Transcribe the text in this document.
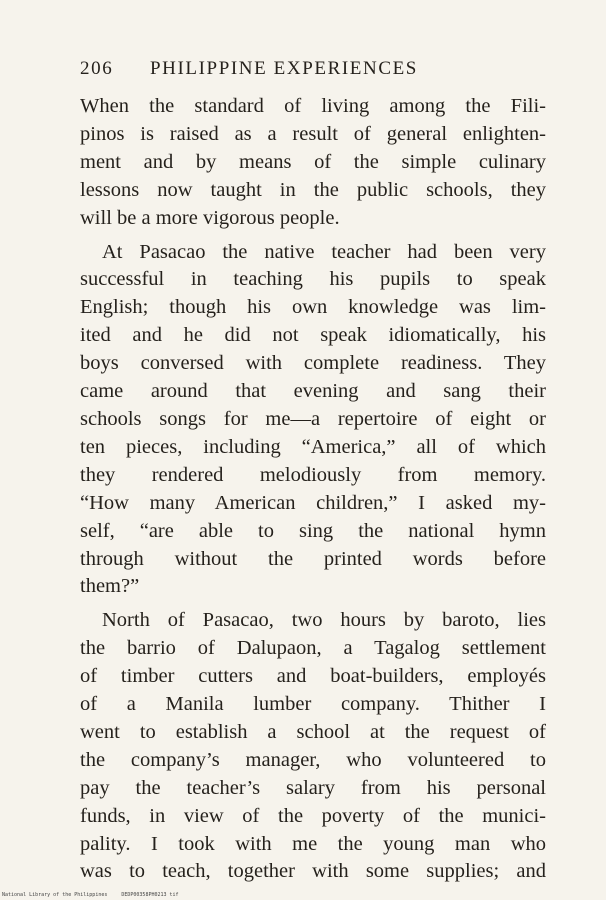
206 PHILIPPINE EXPERIENCES
When the standard of living among the Fili-
pinos is raised as a result of general enlighten-
ment and by means of the simple culinary
lessons now taught in the public schools, they
will be a more vigorous people.
At Pasacao the native teacher had been very
successful in teaching his pupils to speak
English; though his own knowledge was lim-
ited and he did not speak idiomatically, his
boys conversed with complete readiness. They
came around that evening and sang their
schools songs for me—a repertoire of eight or
ten pieces, including “America,” all of which
they rendered melodiously from memory.
“How many American children,” I asked my-
self, “are able to sing the national hymn
through without the printed words before
them?”
North of Pasacao, two hours by baroto, lies
the barrio of Dalupaon, a Tagalog settlement
of timber cutters and boat-builders, employés
of a Manila lumber company. Thither I
went to establish a school at the request of
the company’s manager, who volunteered to
pay the teacher’s salary from his personal
funds, in view of the poverty of the munici-
pality. I took with me the young man who
was to teach, together with some supplies; and
National Library of the Philippines	DEDP00358PH0213 tif
